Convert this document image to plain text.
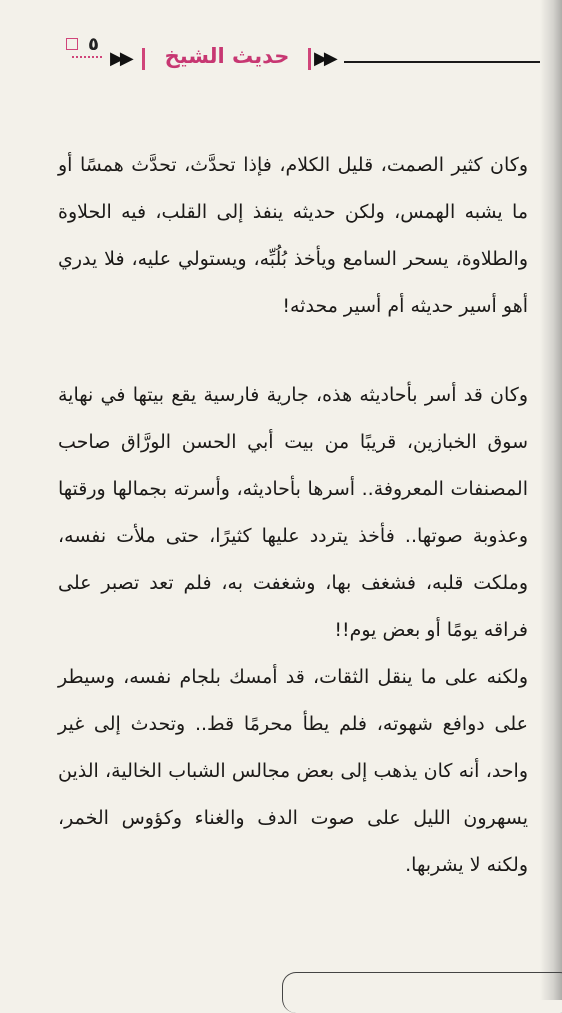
٥
▶▶	حديث الشيخ	▶▶

وكان كثير الصمت، قليل الكلام، فإذا تحدَّث، تحدَّث همسًا أو ما يشبه الهمس، ولكن حديثه ينفذ إلى القلب، فيه الحلاوة والطلاوة، يسحر السامع ويأخذ بُلُبِّه، ويستولي عليه، فلا يدري أهو أسير حديثه أم أسير محدثه!

وكان قد أسر بأحاديثه هذه، جارية فارسية يقع بيتها في نهاية سوق الخبازين، قريبًا من بيت أبي الحسن الورَّاق صاحب المصنفات المعروفة.. أسرها بأحاديثه، وأسرته بجمالها ورقتها وعذوبة صوتها.. فأخذ يتردد عليها كثيرًا، حتى ملأت نفسه، وملكت قلبه، فشغف بها، وشغفت به، فلم تعد تصبر على فراقه يومًا أو بعض يوم!!

ولكنه على ما ينقل الثقات، قد أمسك بلجام نفسه، وسيطر على دوافع شهوته، فلم يطأ محرمًا قط.. وتحدث إلى غير واحد، أنه كان يذهب إلى بعض مجالس الشباب الخالية، الذين يسهرون الليل على صوت الدف والغناء وكؤوس الخمر، ولكنه لا يشربها.
